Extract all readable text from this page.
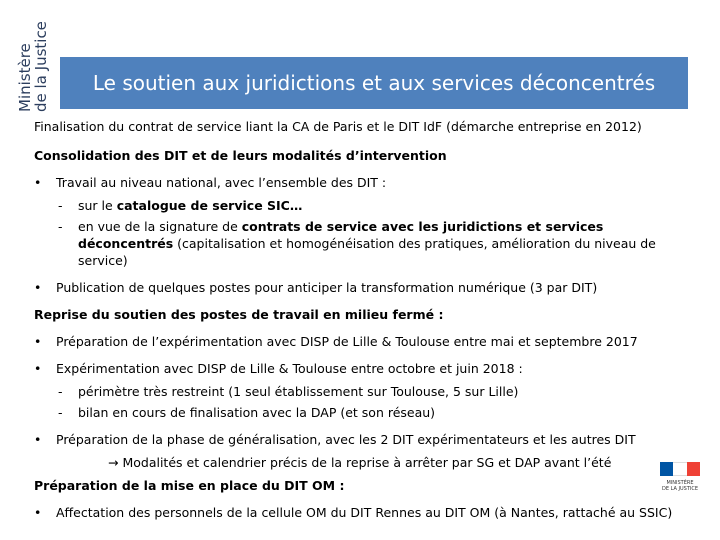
Ministère
de la Justice Le soutien aux juridictions et aux services déconcentrés

Finalisation du contrat de service liant la CA de Paris et le DIT IdF (démarche entreprise en 2012)

Consolidation des DIT et de leurs modalités d’intervention

• Travail au niveau national, avec l’ensemble des DIT :
- sur le catalogue de service SIC…
- en vue de la signature de contrats de service avec les juridictions et services déconcentrés (capitalisation et homogénéisation des pratiques, amélioration du niveau de service)
• Publication de quelques postes pour anticiper la transformation numérique (3 par DIT)

Reprise du soutien des postes de travail en milieu fermé :

• Préparation de l’expérimentation avec DISP de Lille & Toulouse entre mai et septembre 2017
• Expérimentation avec DISP de Lille & Toulouse entre octobre et juin 2018 :
- périmètre très restreint (1 seul établissement sur Toulouse, 5 sur Lille)
- bilan en cours de finalisation avec la DAP (et son réseau)
• Préparation de la phase de généralisation, avec les 2 DIT expérimentateurs et les autres DIT
→ Modalités et calendrier précis de la reprise à arrêter par SG et DAP avant l’été

Préparation de la mise en place du DIT OM :

• Affectation des personnels de la cellule OM du DIT Rennes au DIT OM (à Nantes, rattaché au SSIC)
MINISTÈRE
DE LA JUSTICE
